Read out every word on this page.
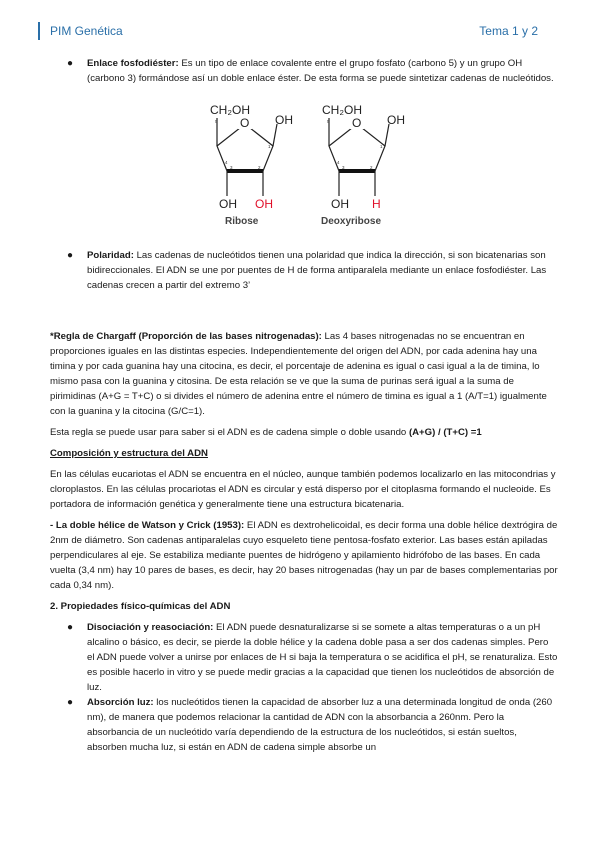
PIM Genética	Tema 1 y 2

● Enlace fosfodiéster: Es un tipo de enlace covalente entre el grupo fosfato (carbono 5) y un grupo OH (carbono 3) formándose así un doble enlace éster. De esta forma se puede sintetizar cadenas de nucleótidos.

CH₂OH
5 O OH
OH OH
4
3	2
1
Ribose
CH₂OH
5 O OH
OH H
4
3	2
1
Deoxyribose

● Polaridad: Las cadenas de nucleótidos tienen una polaridad que indica la dirección, si son bicatenarias son bidireccionales. El ADN se une por puentes de H de forma antiparalela mediante un enlace fosfodiéster. Las cadenas crecen a partir del extremo 3’

*Regla de Chargaff (Proporción de las bases nitrogenadas): Las 4 bases nitrogenadas no se encuentran en proporciones iguales en las distintas especies. Independientemente del origen del ADN, por cada adenina hay una timina y por cada guanina hay una citocina, es decir, el porcentaje de adenina es igual o casi igual a la de timina, lo mismo pasa con la guanina y citosina. De esta relación se ve que la suma de purinas será igual a la suma de pirimidinas (A+G = T+C) o si divides el número de adenina entre el número de timina es igual a 1 (A/T=1) igualmente con la guanina y la citocina (G/C=1).

Esta regla se puede usar para saber si el ADN es de cadena simple o doble usando (A+G) / (T+C) =1

Composición y estructura del ADN

En las células eucariotas el ADN se encuentra en el núcleo, aunque también podemos localizarlo en las mitocondrias y cloroplastos. En las células procariotas el ADN es circular y está disperso por el citoplasma formando el nucleoide. Es portadora de información genética y generalmente tiene una estructura bicatenaria.

- La doble hélice de Watson y Crick (1953): El ADN es dextrohelicoidal, es decir forma una doble hélice dextrógira de 2nm de diámetro. Son cadenas antiparalelas cuyo esqueleto tiene pentosa-fosfato exterior. Las bases están apiladas perpendiculares al eje. Se estabiliza mediante puentes de hidrógeno y apilamiento hidrófobo de las bases. En cada vuelta (3,4 nm) hay 10 pares de bases, es decir, hay 20 bases nitrogenadas (hay un par de bases complementarias por cada 0,34 nm).

2. Propiedades físico-químicas del ADN

● Disociación y reasociación: El ADN puede desnaturalizarse si se somete a altas temperaturas o a un pH alcalino o básico, es decir, se pierde la doble hélice y la cadena doble pasa a ser dos cadenas simples. Pero el ADN puede volver a unirse por enlaces de H si baja la temperatura o se acidifica el pH, se renaturaliza. Esto es posible hacerlo in vitro y se puede medir gracias a la capacidad que tienen los nucleótidos de absorción de luz.

● Absorción luz: los nucleótidos tienen la capacidad de absorber luz a una determinada longitud de onda (260 nm), de manera que podemos relacionar la cantidad de ADN con la absorbancia a 260nm. Pero la absorbancia de un nucleótido varía dependiendo de la estructura de los nucleótidos, si están sueltos, absorben mucha luz, si están en ADN de cadena simple absorbe un
